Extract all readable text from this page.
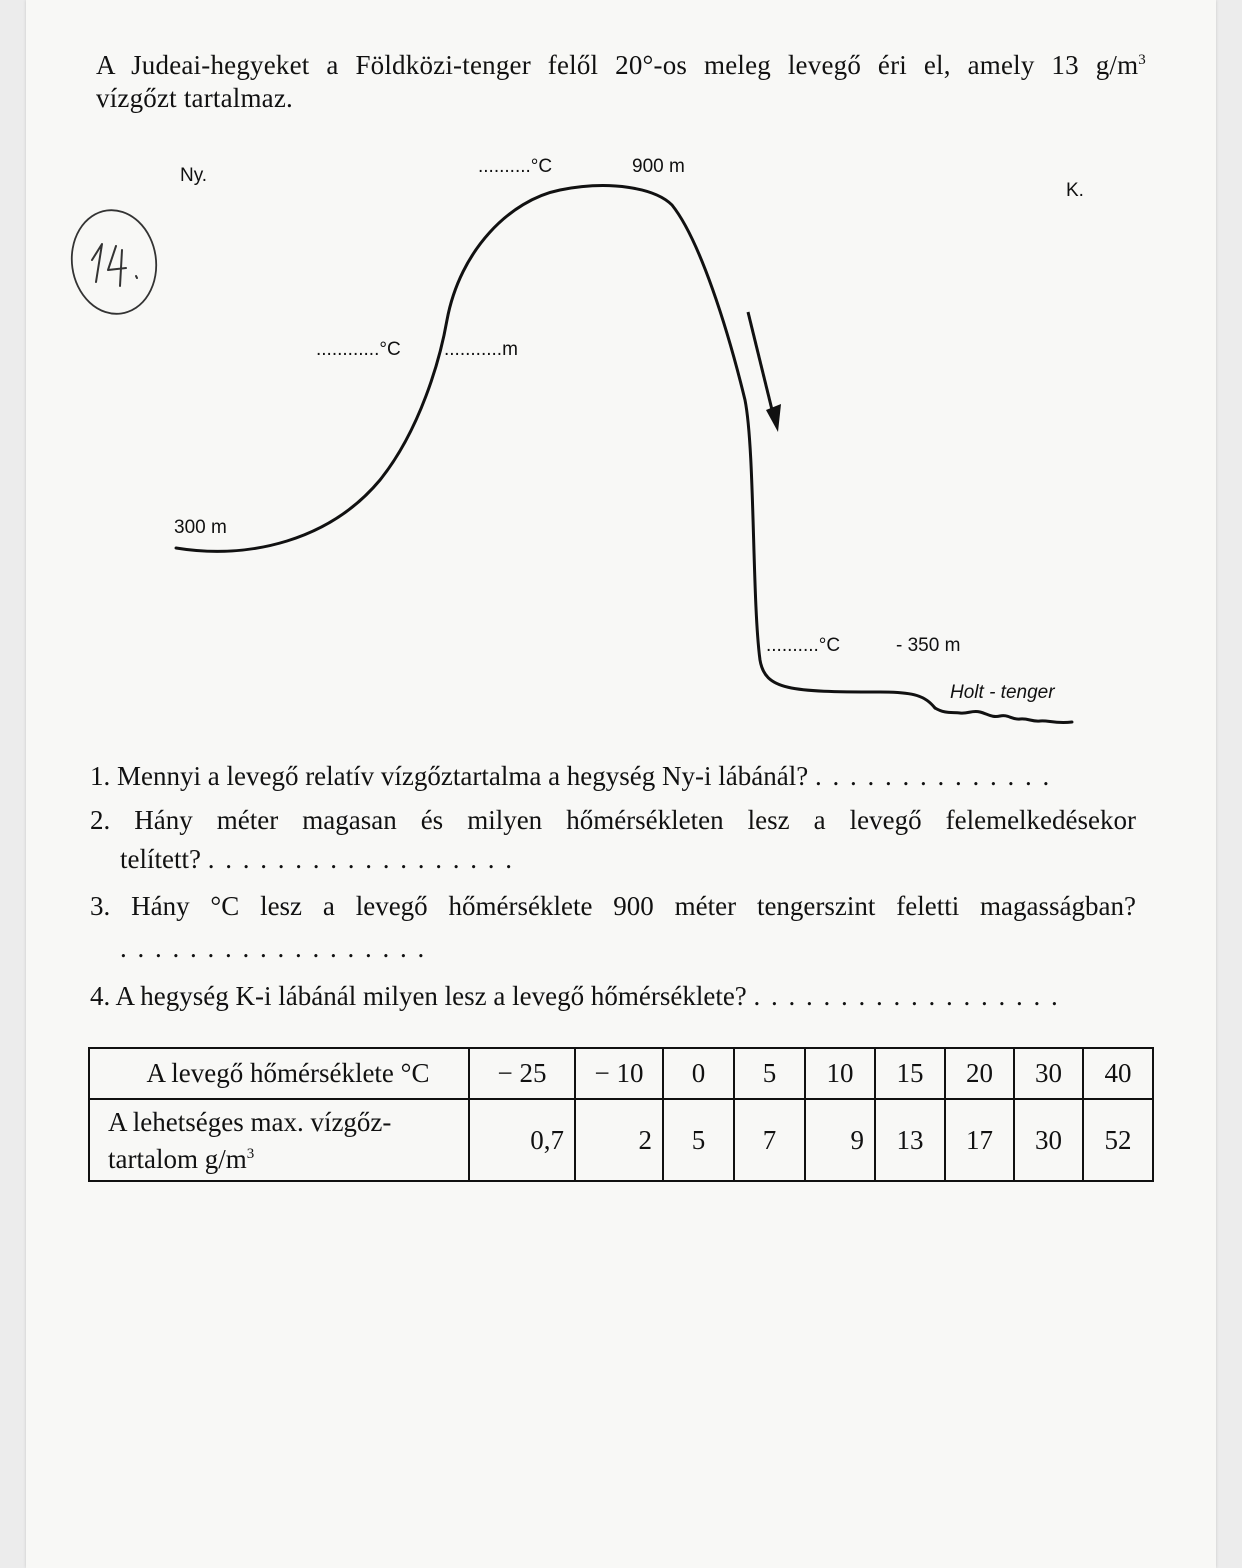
A Judeai-hegyeket a Földközi-tenger felől 20°-os meleg levegő éri el, amely 13 $g/m^3$
vízgőzt tartalmaz.
Ny.
K.
..........°C	900 m
............°C ...........m
300 m
..........°C	- 350 m
Holt - tenger
1. Mennyi a levegő relatív vízgőztartalma a hegység Ny-i lábánál? . . . . . . . . . . . . . .
2. Hány méter magasan és milyen hőmérsékleten lesz a levegő felemelkedésekor
telített? . . . . . . . . . . . . . . . . . .
3. Hány °C lesz a levegő hőmérséklete 900 méter tengerszint feletti magasságban?
. . . . . . . . . . . . . . . . . .
4. A hegység K-i lábánál milyen lesz a levegő hőmérséklete? . . . . . . . . . . . . . . . . . .
A levegő hőmérséklete °C	− 25	− 10	0	5	10	15	20	30	40
A lehetséges max. vízgőz-
tartalom $g/m^3$	0,7	2	5	7	9	13	17	30	52
